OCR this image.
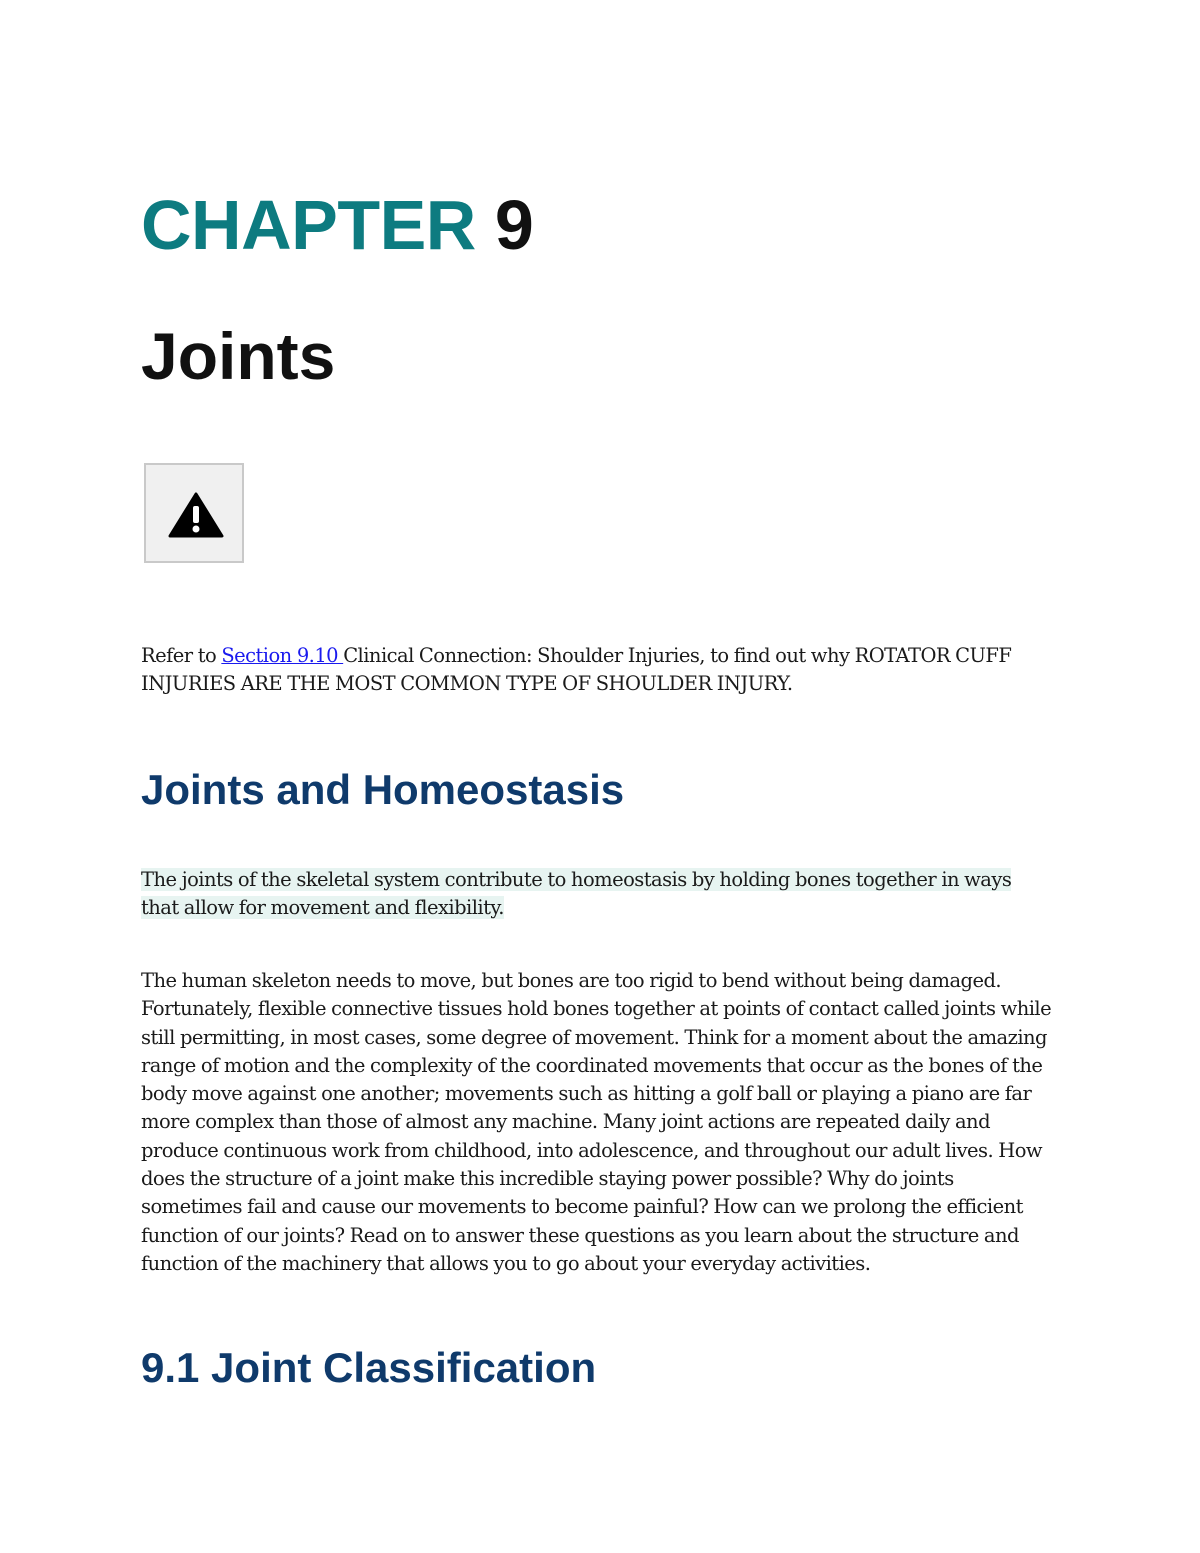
CHAPTER 9
Joints

Refer to Section 9.10 Clinical Connection: Shoulder Injuries, to find out why ROTATOR CUFF INJURIES ARE THE MOST COMMON TYPE OF SHOULDER INJURY.

Joints and Homeostasis

The joints of the skeletal system contribute to homeostasis by holding bones together in ways that allow for movement and flexibility.

The human skeleton needs to move, but bones are too rigid to bend without being damaged. Fortunately, flexible connective tissues hold bones together at points of contact called joints while still permitting, in most cases, some degree of movement. Think for a moment about the amazing range of motion and the complexity of the coordinated movements that occur as the bones of the body move against one another; movements such as hitting a golf ball or playing a piano are far more complex than those of almost any machine. Many joint actions are repeated daily and produce continuous work from childhood, into adolescence, and throughout our adult lives. How does the structure of a joint make this incredible staying power possible? Why do joints sometimes fail and cause our movements to become painful? How can we prolong the efficient function of our joints? Read on to answer these questions as you learn about the structure and function of the machinery that allows you to go about your everyday activities.

9.1 Joint Classification
